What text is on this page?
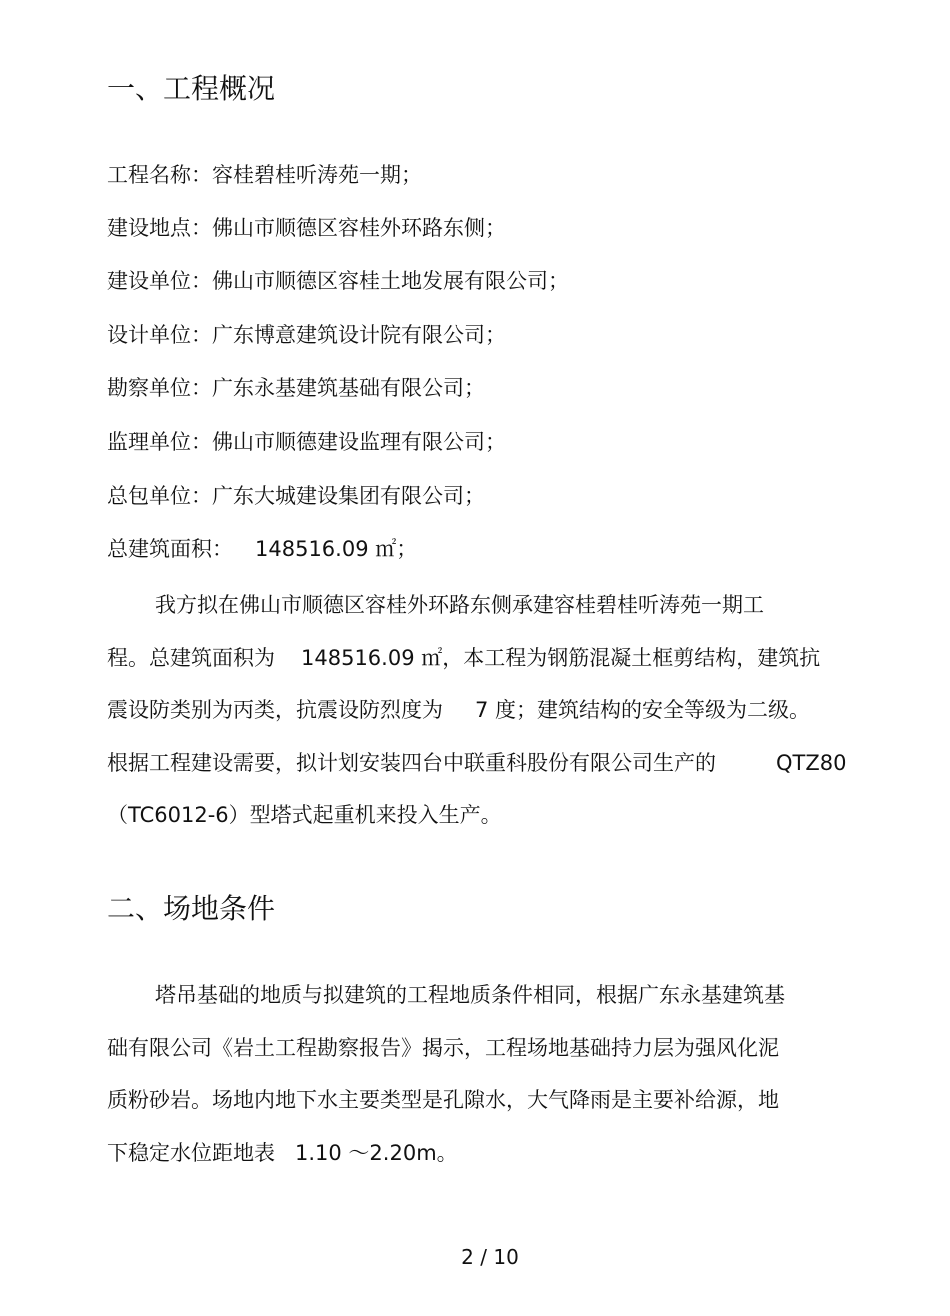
一、工程概况
工程名称：容桂碧桂听涛苑一期；
建设地点：佛山市顺德区容桂外环路东侧；
建设单位：佛山市顺德区容桂土地发展有限公司；
设计单位：广东博意建筑设计院有限公司；
勘察单位：广东永基建筑基础有限公司；
监理单位：佛山市顺德建设监理有限公司；
总包单位：广东大城建设集团有限公司；
总建筑面积： 148516.09 ㎡；
我方拟在佛山市顺德区容桂外环路东侧承建容桂碧桂听涛苑一期工
程。总建筑面积为 148516.09 ㎡，本工程为钢筋混凝土框剪结构，建筑抗
震设防类别为丙类，抗震设防烈度为 7 度；建筑结构的安全等级为二级。
根据工程建设需要，拟计划安装四台中联重科股份有限公司生产的	QTZ80
（TC6012-6）型塔式起重机来投入生产。
二、场地条件
塔吊基础的地质与拟建筑的工程地质条件相同，根据广东永基建筑基
础有限公司《岩土工程勘察报告》揭示，工程场地基础持力层为强风化泥
质粉砂岩。场地内地下水主要类型是孔隙水，大气降雨是主要补给源，地
下稳定水位距地表 1.10 ～2.20m。
2 / 10
